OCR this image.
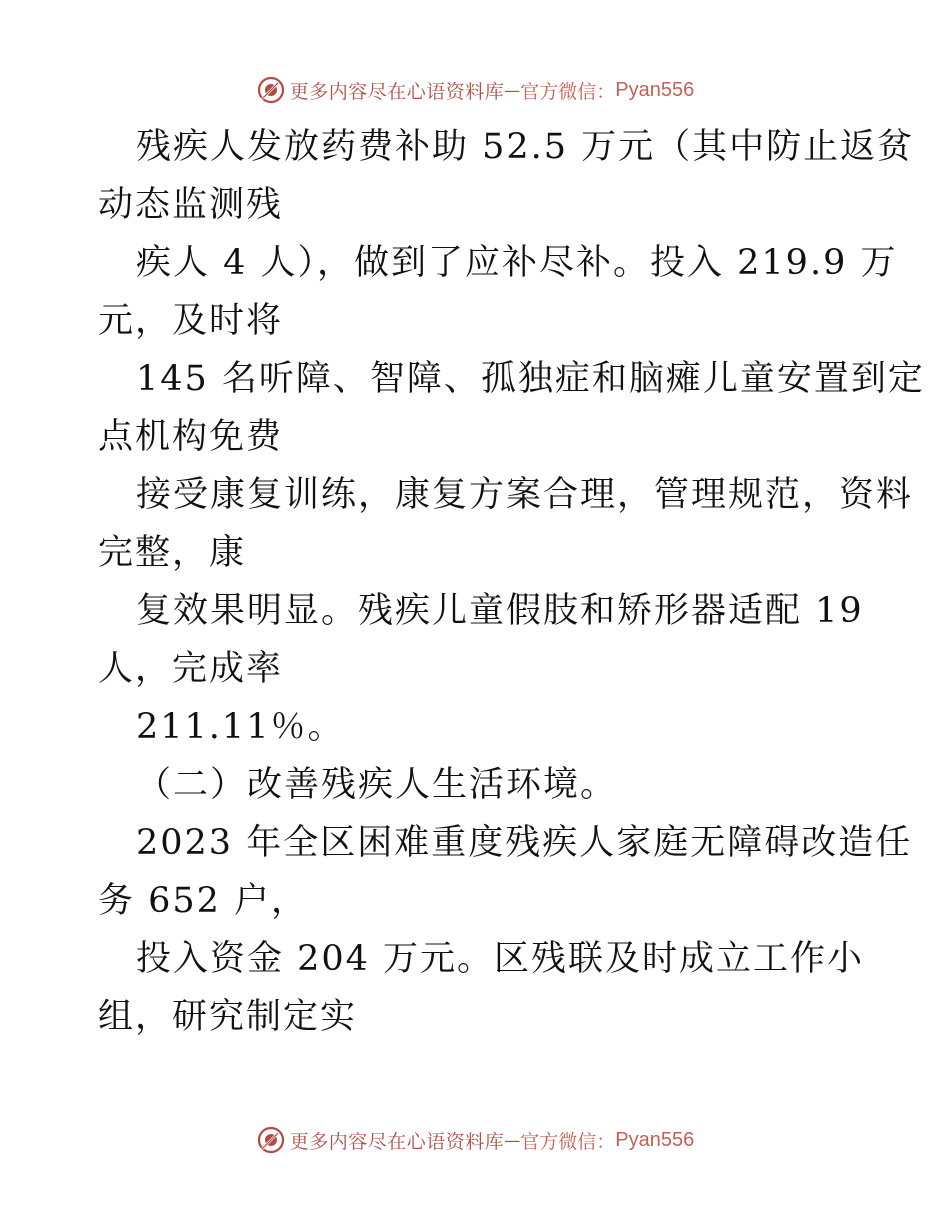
更多内容尽在心语资料库 — 官方微信： Pyan556
残疾人发放药费补助 52.5 万元（其中防止返贫
动态监测残
疾人 4 人），做到了应补尽补。投入 219.9 万
元，及时将
145 名听障、智障、孤独症和脑瘫儿童安置到定
点机构免费
接受康复训练，康复方案合理，管理规范，资料
完整，康
复效果明显。残疾儿童假肢和矫形器适配 19
人，完成率
211.11％。
（二）改善残疾人生活环境。
2023 年全区困难重度残疾人家庭无障碍改造任
务 652 户，
投入资金 204 万元。区残联及时成立工作小
组，研究制定实
更多内容尽在心语资料库 — 官方微信： Pyan556
